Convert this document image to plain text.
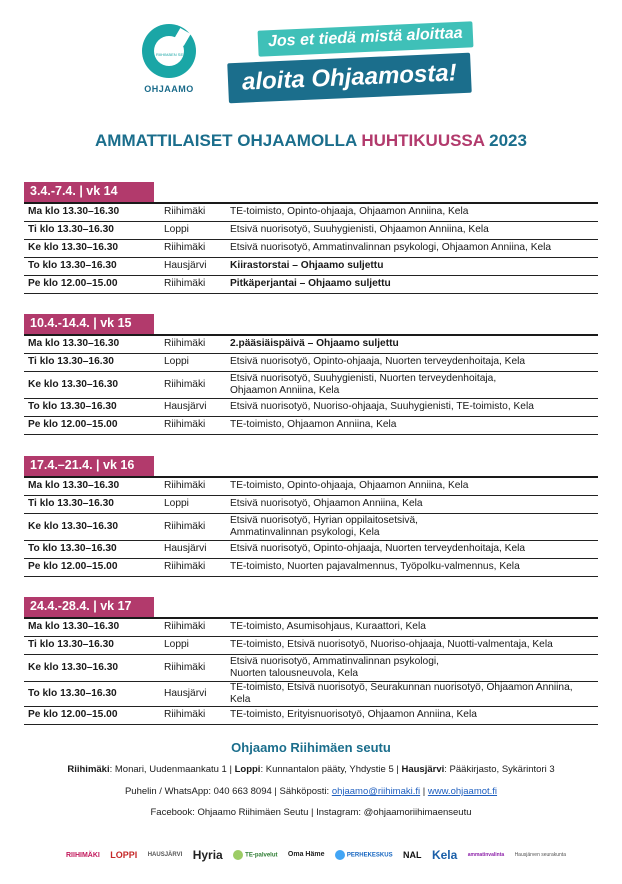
RIIHIMÄEN SEUTU
OHJAAMO
Jos et tiedä mistä aloittaa
aloita Ohjaamosta!
AMMATTILAISET OHJAAMOLLA HUHTIKUUSSA 2023
3.4.-7.4. | vk 14
Ma klo 13.30–16.30	Riihimäki	TE-toimisto, Opinto-ohjaaja, Ohjaamon Anniina, Kela
Ti klo 13.30–16.30	Loppi	Etsivä nuorisotyö, Suuhygienisti, Ohjaamon Anniina, Kela
Ke klo 13.30–16.30	Riihimäki	Etsivä nuorisotyö, Ammatinvalinnan psykologi, Ohjaamon Anniina, Kela
To klo 13.30–16.30	Hausjärvi	Kiirastorstai – Ohjaamo suljettu
Pe klo 12.00–15.00	Riihimäki	Pitkäperjantai – Ohjaamo suljettu
10.4.-14.4. | vk 15
Ma klo 13.30–16.30	Riihimäki	2.pääsiäispäivä – Ohjaamo suljettu
Ti klo 13.30–16.30	Loppi	Etsivä nuorisotyö, Opinto-ohjaaja, Nuorten terveydenhoitaja, Kela
Ke klo 13.30–16.30	Riihimäki	Etsivä nuorisotyö, Suuhygienisti, Nuorten terveydenhoitaja,
Ohjaamon Anniina, Kela

To klo 13.30–16.30	Hausjärvi	Etsivä nuorisotyö, Nuoriso-ohjaaja, Suuhygienisti, TE-toimisto, Kela
Pe klo 12.00–15.00	Riihimäki	TE-toimisto, Ohjaamon Anniina, Kela
17.4.–21.4. | vk 16
Ma klo 13.30–16.30	Riihimäki	TE-toimisto, Opinto-ohjaaja, Ohjaamon Anniina, Kela
Ti klo 13.30–16.30	Loppi	Etsivä nuorisotyö, Ohjaamon Anniina, Kela
Ke klo 13.30–16.30	Riihimäki	Etsivä nuorisotyö, Hyrian oppilaitosetsivä,
Ammatinvalinnan psykologi, Kela

To klo 13.30–16.30	Hausjärvi	Etsivä nuorisotyö, Opinto-ohjaaja, Nuorten terveydenhoitaja, Kela
Pe klo 12.00–15.00	Riihimäki	TE-toimisto, Nuorten pajavalmennus, Työpolku-valmennus, Kela
24.4.-28.4. | vk 17
Ma klo 13.30–16.30	Riihimäki	TE-toimisto, Asumisohjaus, Kuraattori, Kela
Ti klo 13.30–16.30	Loppi	TE-toimisto, Etsivä nuorisotyö, Nuoriso-ohjaaja, Nuotti-valmentaja, Kela
Ke klo 13.30–16.30	Riihimäki	Etsivä nuorisotyö, Ammatinvalinnan psykologi,
Nuorten talousneuvola, Kela

To klo 13.30–16.30	Hausjärvi	TE-toimisto, Etsivä nuorisotyö, Seurakunnan nuorisotyö, Ohjaamon Anniina, Kela
Pe klo 12.00–15.00	Riihimäki	TE-toimisto, Erityisnuorisotyö, Ohjaamon Anniina, Kela
Ohjaamo Riihimäen seutu
Riihimäki: Monari, Uudenmaankatu 1 | Loppi: Kunnantalon pääty, Yhdystie 5 | Hausjärvi: Pääkirjasto, Sykärintori 3
Puhelin / WhatsApp: 040 663 8094 | Sähköposti: ohjaamo@riihimaki.fi | www.ohjaamot.fi
Facebook: Ohjaamo Riihimäen Seutu | Instagram: @ohjaamoriihimaenseutu
RIIHIMÄKI LOPPI HAUSJÄRVI Hyria	TE-palvelut Oma Häme	PERHEKESKUS NAL Kela ammatinvalinta Hausjärven seurakunta
